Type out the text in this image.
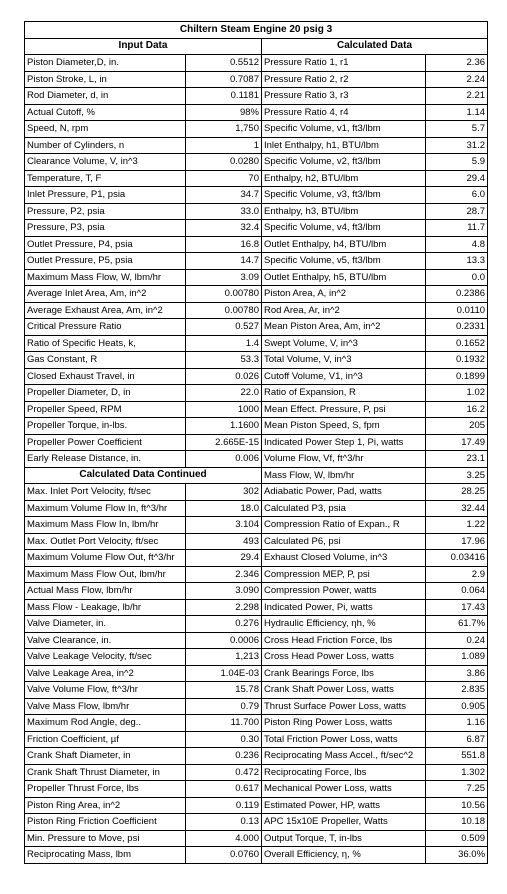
Chiltern Steam Engine 20 psig 3			
Input Data		Calculated Data	
Piston Diameter,D, in.	0.5512	Pressure Ratio 1, r1	2.36
Piston Stroke, L, in	0.7087	Pressure Ratio 2, r2	2.24
Rod Diameter, d, in	0.1181	Pressure Ratio 3, r3	2.21
Actual Cutoff, %	98%	Pressure Ratio 4, r4	1.14
Speed, N, rpm	1,750	Specific Volume, v1, ft3/lbm	5.7
Number of Cylinders, n	1	Inlet Enthalpy, h1, BTU/lbm	31.2
Clearance Volume, V, in^3	0.0280	Specific Volume, v2, ft3/lbm	5.9
Temperature, T, F	70	Enthalpy, h2, BTU/lbm	29.4
Inlet Pressure, P1, psia	34.7	Specific Volume, v3, ft3/lbm	6.0
Pressure, P2, psia	33.0	Enthalpy, h3, BTU/lbm	28.7
Pressure, P3, psia	32.4	Specific Volume, v4, ft3/lbm	11.7
Outlet Pressure, P4, psia	16.8	Outlet Enthalpy, h4, BTU/lbm	4.8
Outlet Pressure, P5, psia	14.7	Specific Volume, v5, ft3/lbm	13.3
Maximum Mass Flow, W, lbm/hr	3.09	Outlet Enthalpy, h5, BTU/lbm	0.0
Average Inlet Area, Am, in^2	0.00780	Piston Area, A, in^2	0.2386
Average Exhaust Area, Am, in^2	0.00780	Rod Area, Ar, in^2	0.0110
Critical Pressure Ratio	0.527	Mean Piston Area, Am, in^2	0.2331
Ratio of Specific Heats, k,	1.4	Swept Volume, V, in^3	0.1652
Gas Constant, R	53.3	Total Volume, V, in^3	0.1932
Closed Exhaust Travel, in	0.026	Cutoff Volume, V1, in^3	0.1899
Propeller Diameter, D, in	22.0	Ratio of Expansion, R	1.02
Propeller Speed, RPM	1000	Mean Effect. Pressure, P, psi	16.2
Propeller Torque, in-lbs.	1.1600	Mean Piston Speed, S, fpm	205
Propeller Power Coefficient	2.665E-15	Indicated Power Step 1, Pi, watts	17.49
Early Release Distance, in.	0.006	Volume Flow, Vf, ft^3/hr	23.1
Calculated Data Continued		Mass Flow, W, lbm/hr	3.25
Max. Inlet Port Velocity, ft/sec	302	Adiabatic Power, Pad, watts	28.25
Maximum Volume Flow In, ft^3/hr	18.0	Calculated P3, psia	32.44
Maximum Mass Flow In, lbm/hr	3.104	Compression Ratio of Expan., R	1.22
Max. Outlet Port Velocity, ft/sec	493	Calculated P6, psi	17.96
Maximum Volume Flow Out, ft^3/hr	29.4	Exhaust Closed Volume, in^3	0.03416
Maximum Mass Flow Out, lbm/hr	2.346	Compression MEP, P, psi	2.9
Actual Mass Flow, lbm/hr	3.090	Compression Power, watts	0.064
Mass Flow - Leakage, lb/hr	2.298	Indicated Power, Pi, watts	17.43
Valve Diameter, in.	0.276	Hydraulic Efficiency, ηh, %	61.7%
Valve Clearance, in.	0.0006	Cross Head Friction Force, lbs	0.24
Valve Leakage Velocity, ft/sec	1,213	Cross Head Power Loss, watts	1.089
Valve Leakage Area, in^2	1.04E-03	Crank Bearings Force, lbs	3.86
Valve Volume Flow, ft^3/hr	15.78	Crank Shaft Power Loss, watts	2.835
Valve Mass Flow, lbm/hr	0.79	Thrust Surface Power Loss, watts	0.905
Maximum Rod Angle, deg..	11.700	Piston Ring Power Loss, watts	1.16
Friction Coefficient, µf	0.30	Total Friction Power Loss, watts	6.87
Crank Shaft Diameter, in	0.236	Reciprocating Mass Accel., ft/sec^2	551.8
Crank Shaft Thrust Diameter, in	0.472	Reciprocating Force, lbs	1.302
Propeller Thrust Force, lbs	0.617	Mechanical Power Loss, watts	7.25
Piston Ring Area, in^2	0.119	Estimated Power, HP, watts	10.56
Piston Ring Friction Coefficient	0.13	APC 15x10E Propeller, Watts	10.18
Min. Pressure to Move, psi	4.000	Output Torque, T, in-lbs	0.509
Reciprocating Mass, lbm	0.0760	Overall Efficiency, η, %	36.0%
